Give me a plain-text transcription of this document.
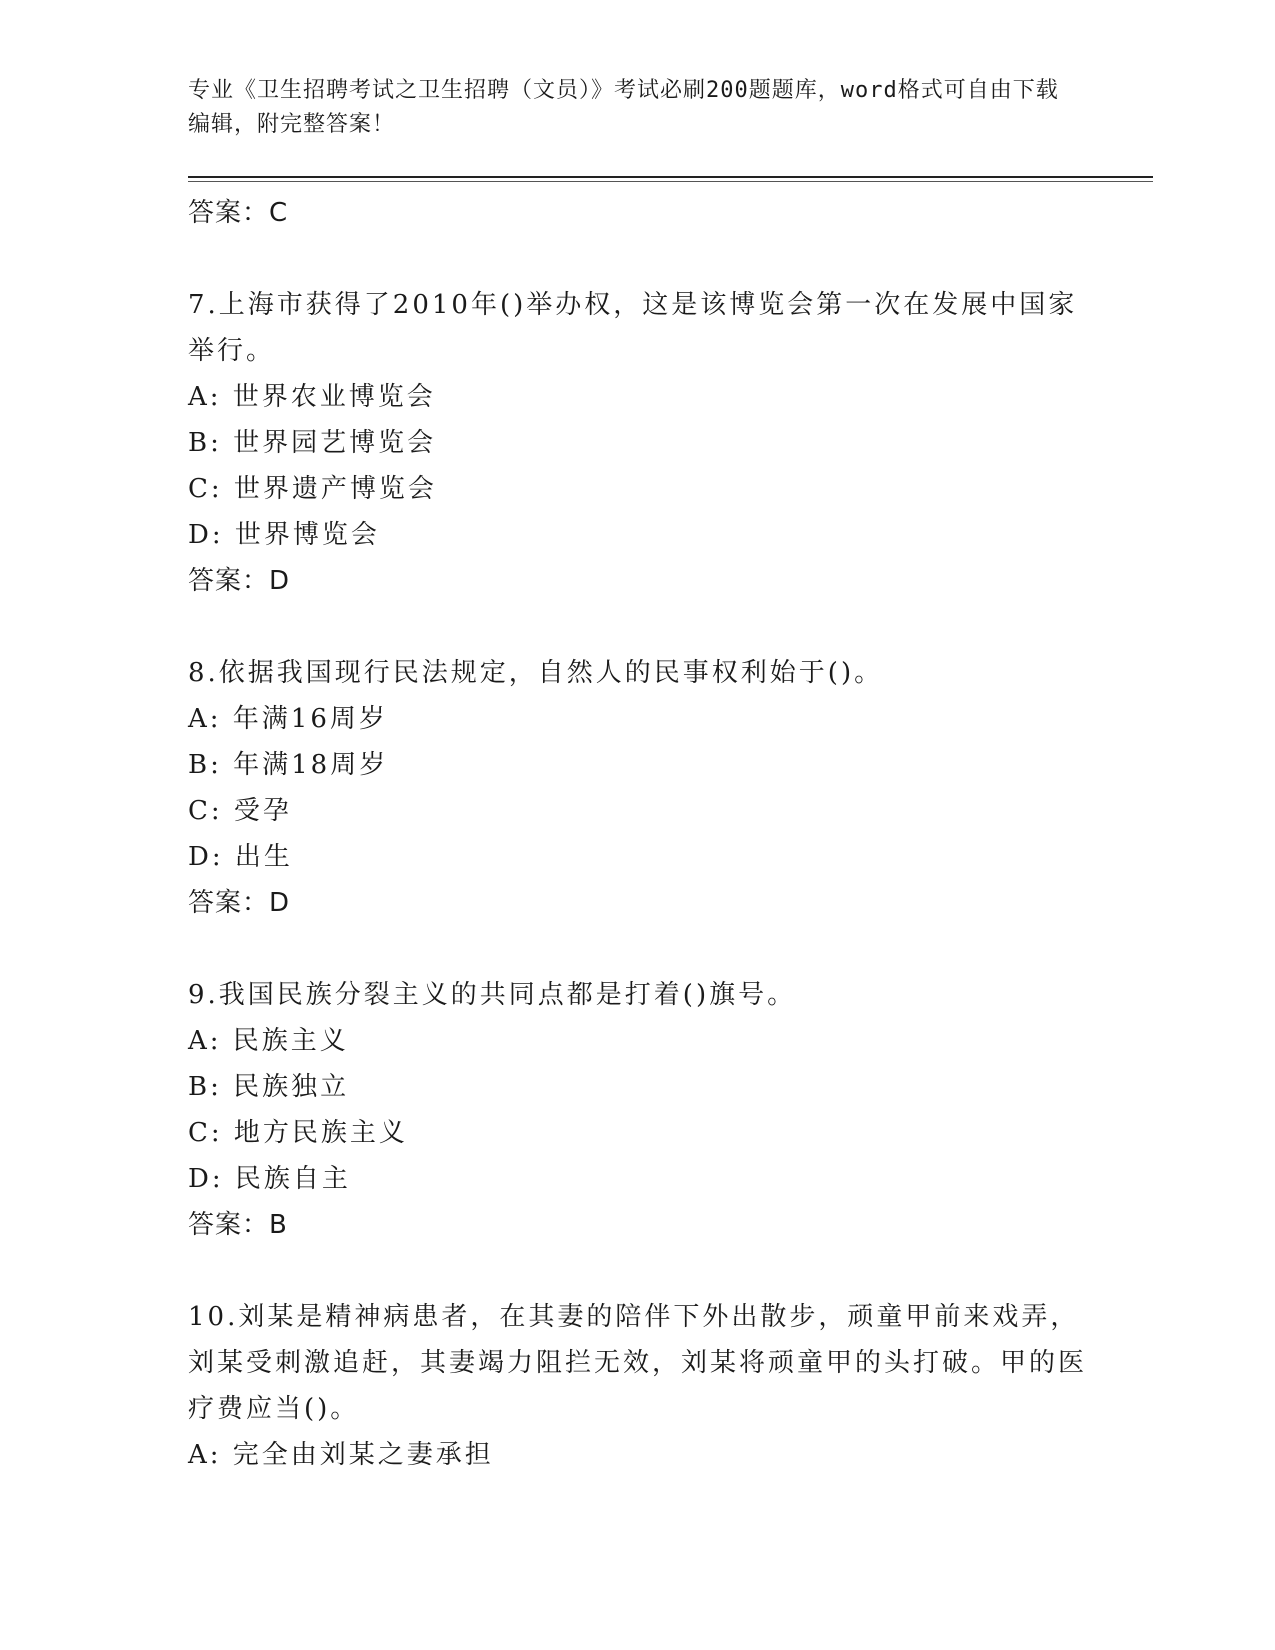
专业《卫生招聘考试之卫生招聘（文员）》考试必刷200题题库，word格式可自由下载编辑，附完整答案！

答案：C

7.上海市获得了2010年()举办权，这是该博览会第一次在发展中国家举行。

A: 世界农业博览会

B: 世界园艺博览会

C: 世界遗产博览会

D: 世界博览会

答案：D

8.依据我国现行民法规定，自然人的民事权利始于()。

A: 年满16周岁

B: 年满18周岁

C: 受孕

D: 出生

答案：D

9.我国民族分裂主义的共同点都是打着()旗号。

A: 民族主义

B: 民族独立

C: 地方民族主义

D: 民族自主

答案：B

10.刘某是精神病患者，在其妻的陪伴下外出散步，顽童甲前来戏弄，刘某受刺激追赶，其妻竭力阻拦无效，刘某将顽童甲的头打破。甲的医疗费应当()。

A: 完全由刘某之妻承担
